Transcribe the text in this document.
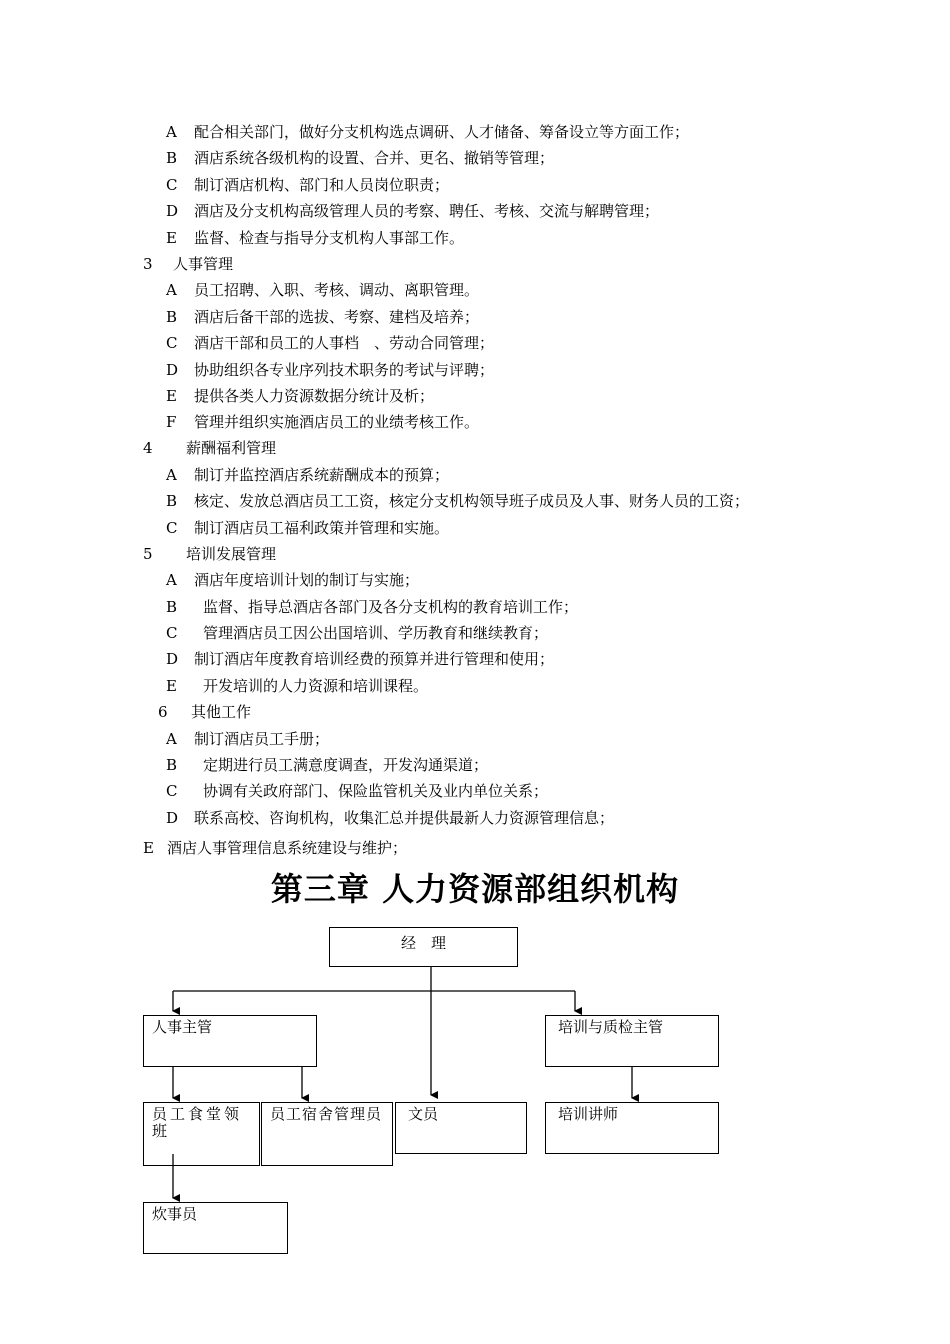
A 配合相关部门，做好分支机构选点调研、人才储备、筹备设立等方面工作；
B 酒店系统各级机构的设置、合并、更名、撤销等管理；
C 制订酒店机构、部门和人员岗位职责；
D 酒店及分支机构高级管理人员的考察、聘任、考核、交流与解聘管理；
E 监督、检查与指导分支机构人事部工作。
3 人事管理
A 员工招聘、入职、考核、调动、离职管理。
B 酒店后备干部的选拔、考察、建档及培养；
C 酒店干部和员工的人事档　、劳动合同管理；
D 协助组织各专业序列技术职务的考试与评聘；
E 提供各类人力资源数据分统计及析；
F 管理并组织实施酒店员工的业绩考核工作。
4 薪酬福利管理
A 制订并监控酒店系统薪酬成本的预算；
B 核定、发放总酒店员工工资，核定分支机构领导班子成员及人事、财务人员的工资；
C 制订酒店员工福利政策并管理和实施。
5 培训发展管理
A 酒店年度培训计划的制订与实施；
B 监督、指导总酒店各部门及各分支机构的教育培训工作；
C 管理酒店员工因公出国培训、学历教育和继续教育；
D 制订酒店年度教育培训经费的预算并进行管理和使用；
E 开发培训的人力资源和培训课程。
6 其他工作
A 制订酒店员工手册；
B 定期进行员工满意度调查，开发沟通渠道；
C 协调有关政府部门、保险监管机关及业内单位关系；
D 联系高校、咨询机构，收集汇总并提供最新人力资源管理信息；
E 酒店人事管理信息系统建设与维护；
第三章 人力资源部组织机构
经　理
人事主管	培训与质检主管
员工食堂领班
员工宿舍管理员	文员	培训讲师
炊事员
